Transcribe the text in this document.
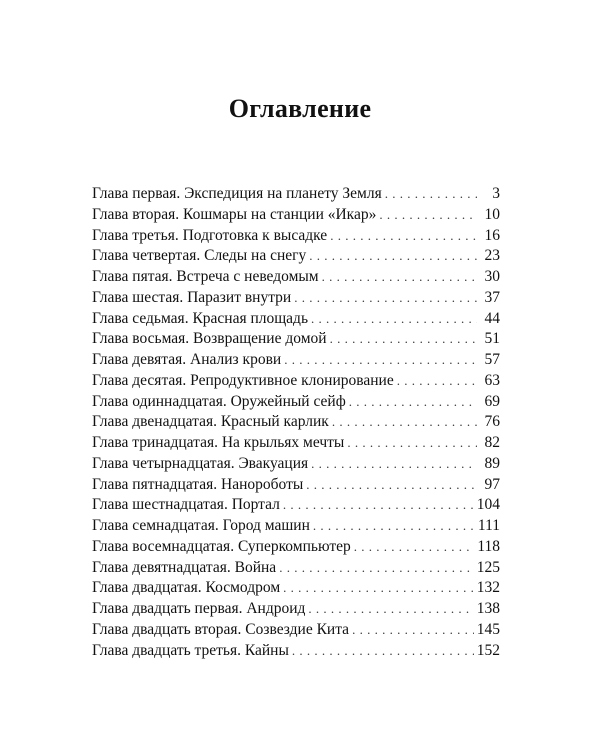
Оглавление
Глава первая. Экспедиция на планету Земля . . .	3
Глава вторая. Кошмары на станции «Икар» . . .	10
Глава третья. Подготовка к высадке . . .	16
Глава четвертая. Следы на снегу . . .	23
Глава пятая. Встреча с неведомым . . .	30
Глава шестая. Паразит внутри . . .	37
Глава седьмая. Красная площадь . . .	44
Глава восьмая. Возвращение домой . . .	51
Глава девятая. Анализ крови . . .	57
Глава десятая. Репродуктивное клонирование . . .	63
Глава одиннадцатая. Оружейный сейф . . .	69
Глава двенадцатая. Красный карлик . . .	76
Глава тринадцатая. На крыльях мечты . . .	82
Глава четырнадцатая. Эвакуация . . .	89
Глава пятнадцатая. Нанороботы . . .	97
Глава шестнадцатая. Портал . . .	104
Глава семнадцатая. Город машин . . .	111
Глава восемнадцатая. Суперкомпьютер . . .	118
Глава девятнадцатая. Война . . .	125
Глава двадцатая. Космодром . . .	132
Глава двадцать первая. Андроид . . .	138
Глава двадцать вторая. Созвездие Кита . . .	145
Глава двадцать третья. Кайны . . .	152
